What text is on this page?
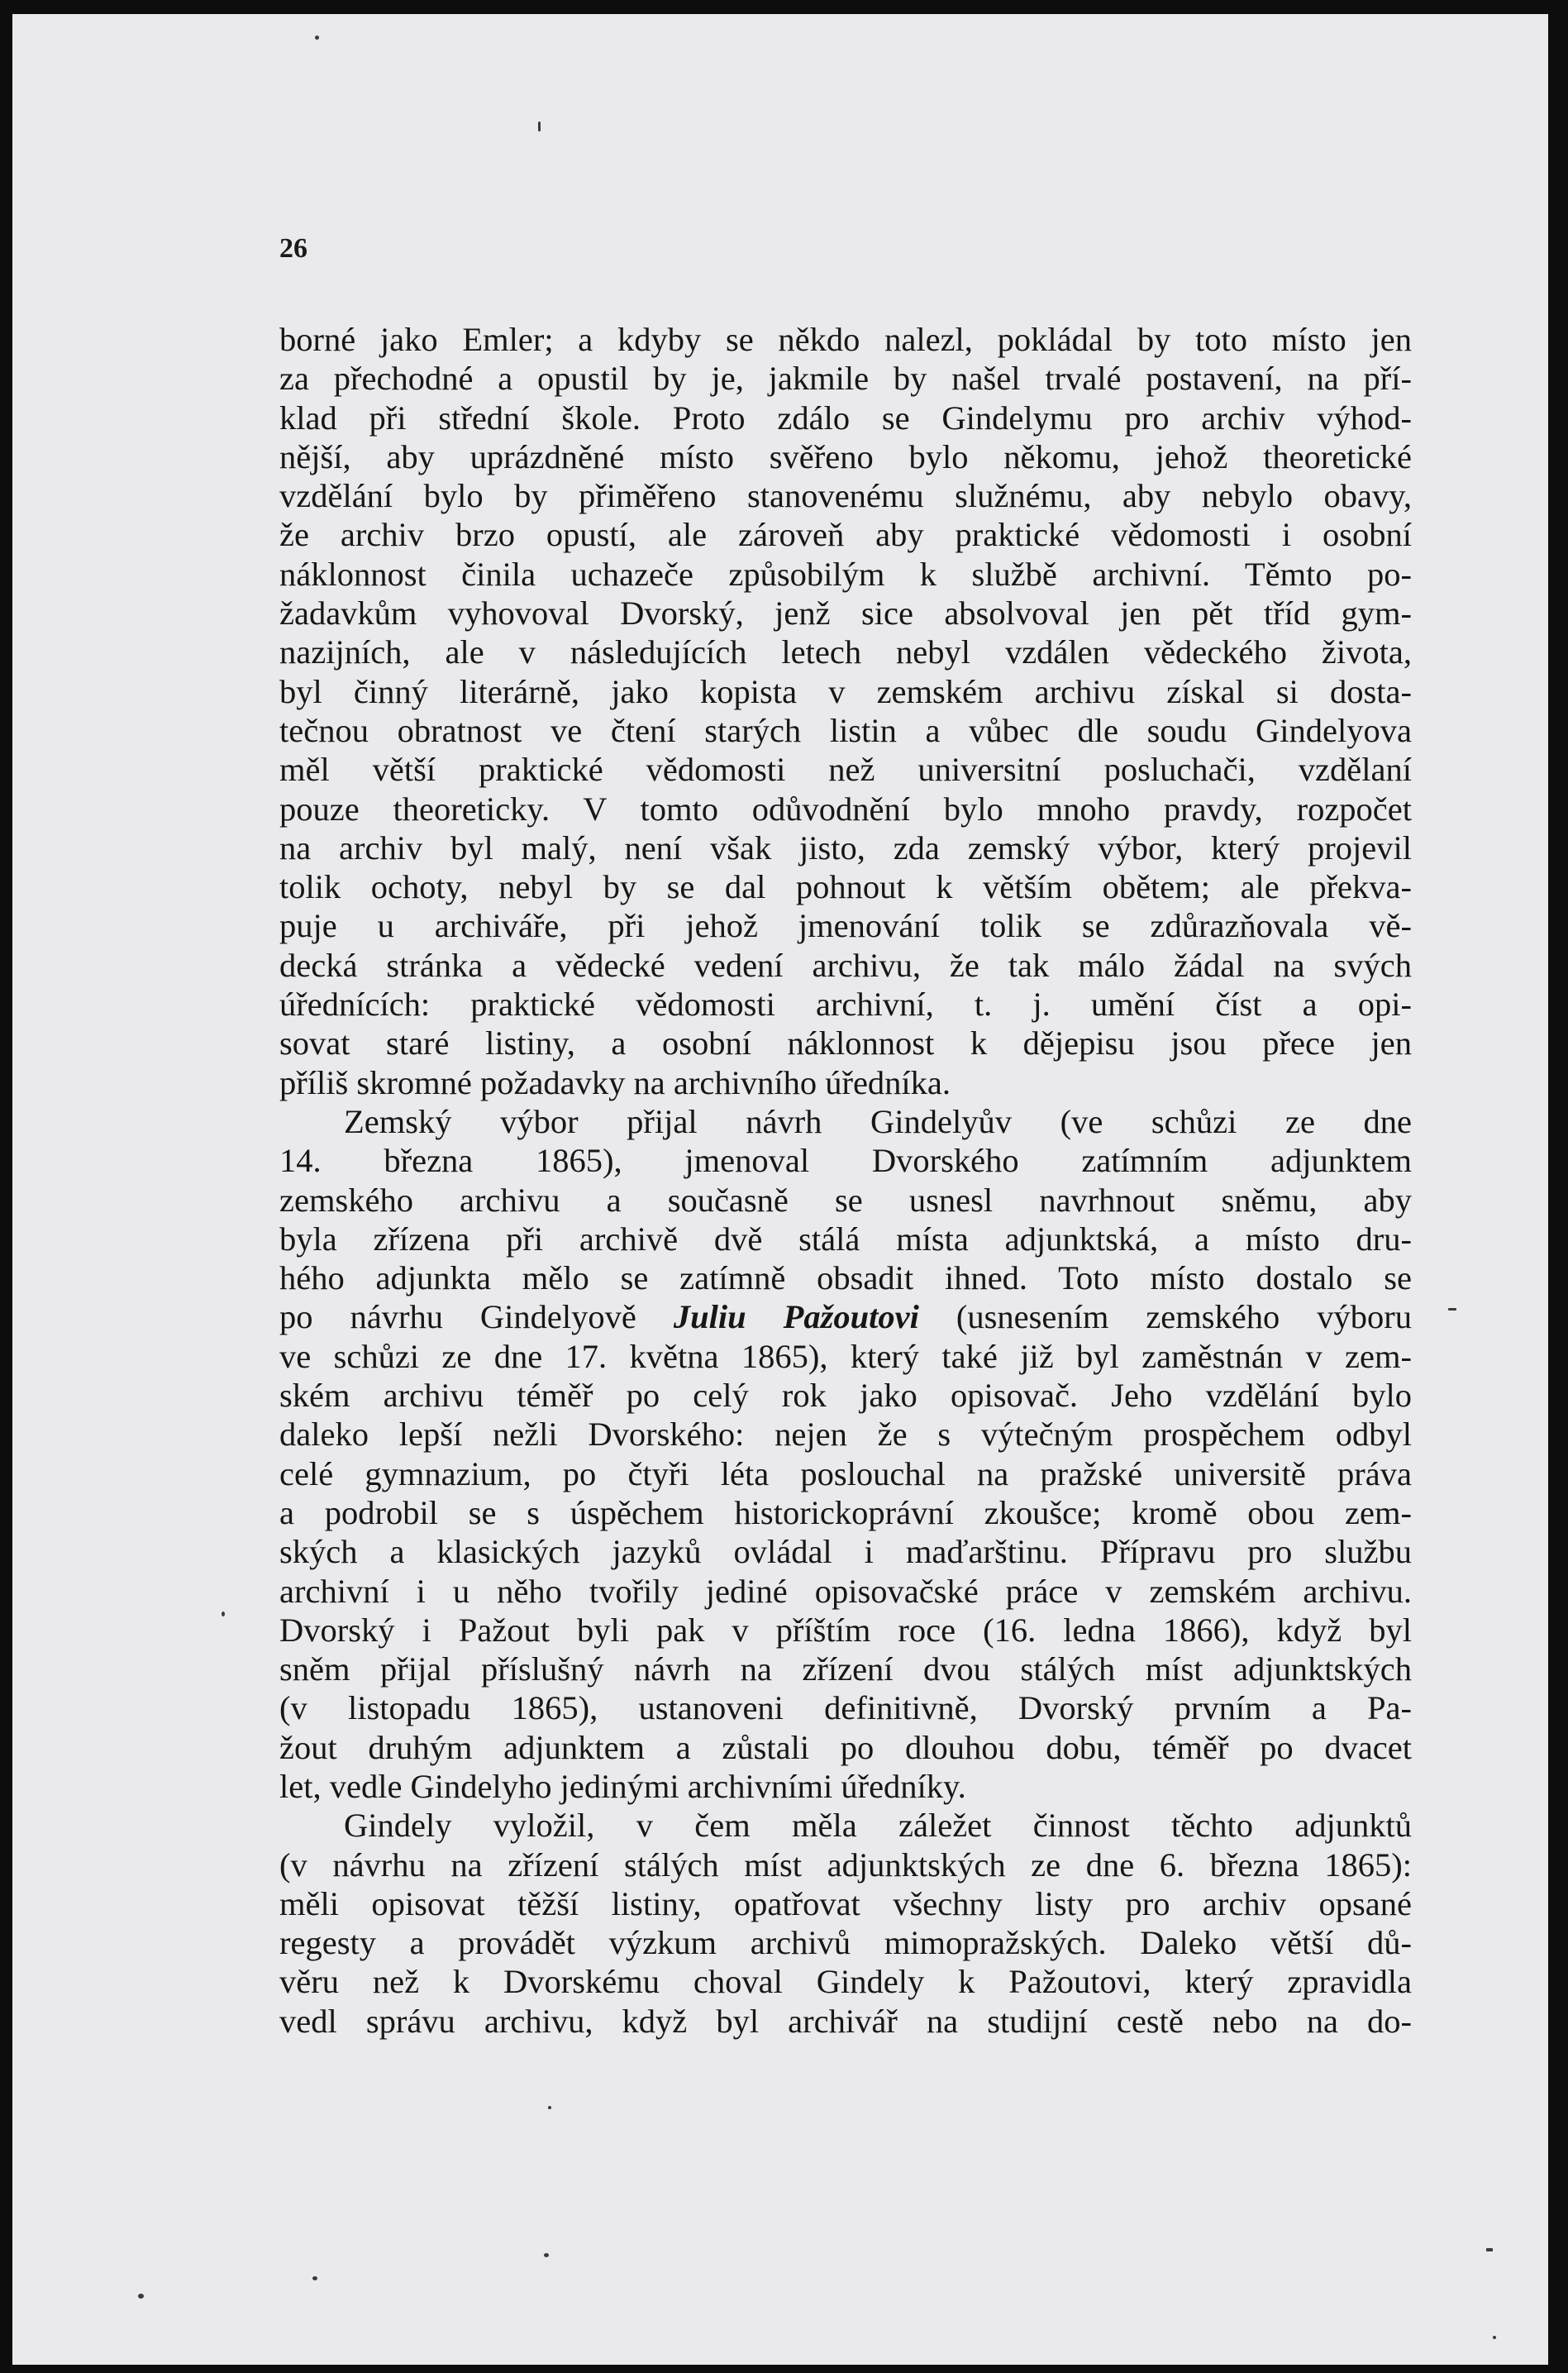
26
borné jako Emler; a kdyby se někdo nalezl, pokládal by toto místo jen
za přechodné a opustil by je, jakmile by našel trvalé postavení, na pří-
klad při střední škole. Proto zdálo se Gindelymu pro archiv výhod-
nější, aby uprázdněné místo svěřeno bylo někomu, jehož theoretické
vzdělání bylo by přiměřeno stanovenému služnému, aby nebylo obavy,
že archiv brzo opustí, ale zároveň aby praktické vědomosti i osobní
náklonnost činila uchazeče způsobilým k službě archivní. Těmto po-
žadavkům vyhovoval Dvorský, jenž sice absolvoval jen pět tříd gym-
nazijních, ale v následujících letech nebyl vzdálen vědeckého života,
byl činný literárně, jako kopista v zemském archivu získal si dosta-
tečnou obratnost ve čtení starých listin a vůbec dle soudu Gindelyova
měl větší praktické vědomosti než universitní posluchači, vzdělaní
pouze theoreticky. V tomto odůvodnění bylo mnoho pravdy, rozpočet
na archiv byl malý, není však jisto, zda zemský výbor, který projevil
tolik ochoty, nebyl by se dal pohnout k větším obětem; ale překva-
puje u archiváře, při jehož jmenování tolik se zdůrazňovala vě-
decká stránka a vědecké vedení archivu, že tak málo žádal na svých
úřednících: praktické vědomosti archivní, t. j. umění číst a opi-
sovat staré listiny, a osobní náklonnost k dějepisu jsou přece jen
příliš skromné požadavky na archivního úředníka.
Zemský výbor přijal návrh Gindelyův (ve schůzi ze dne
14. března 1865), jmenoval Dvorského zatímním adjunktem
zemského archivu a současně se usnesl navrhnout sněmu, aby
byla zřízena při archivě dvě stálá místa adjunktská, a místo dru-
hého adjunkta mělo se zatímně obsadit ihned. Toto místo dostalo se
po návrhu Gindelyově Juliu Pažoutovi (usnesením zemského výboru
ve schůzi ze dne 17. května 1865), který také již byl zaměstnán v zem-
ském archivu téměř po celý rok jako opisovač. Jeho vzdělání bylo
daleko lepší nežli Dvorského: nejen že s výtečným prospěchem odbyl
celé gymnazium, po čtyři léta poslouchal na pražské universitě práva
a podrobil se s úspěchem historickoprávní zkoušce; kromě obou zem-
ských a klasických jazyků ovládal i maďarštinu. Přípravu pro službu
archivní i u něho tvořily jediné opisovačské práce v zemském archivu.
Dvorský i Pažout byli pak v příštím roce (16. ledna 1866), když byl
sněm přijal příslušný návrh na zřízení dvou stálých míst adjunktských
(v listopadu 1865), ustanoveni definitivně, Dvorský prvním a Pa-
žout druhým adjunktem a zůstali po dlouhou dobu, téměř po dvacet
let, vedle Gindelyho jedinými archivními úředníky.
Gindely vyložil, v čem měla záležet činnost těchto adjunktů
(v návrhu na zřízení stálých míst adjunktských ze dne 6. března 1865):
měli opisovat těžší listiny, opatřovat všechny listy pro archiv opsané
regesty a provádět výzkum archivů mimopražských. Daleko větší dů-
věru než k Dvorskému choval Gindely k Pažoutovi, který zpravidla
vedl správu archivu, když byl archivář na studijní cestě nebo na do-
